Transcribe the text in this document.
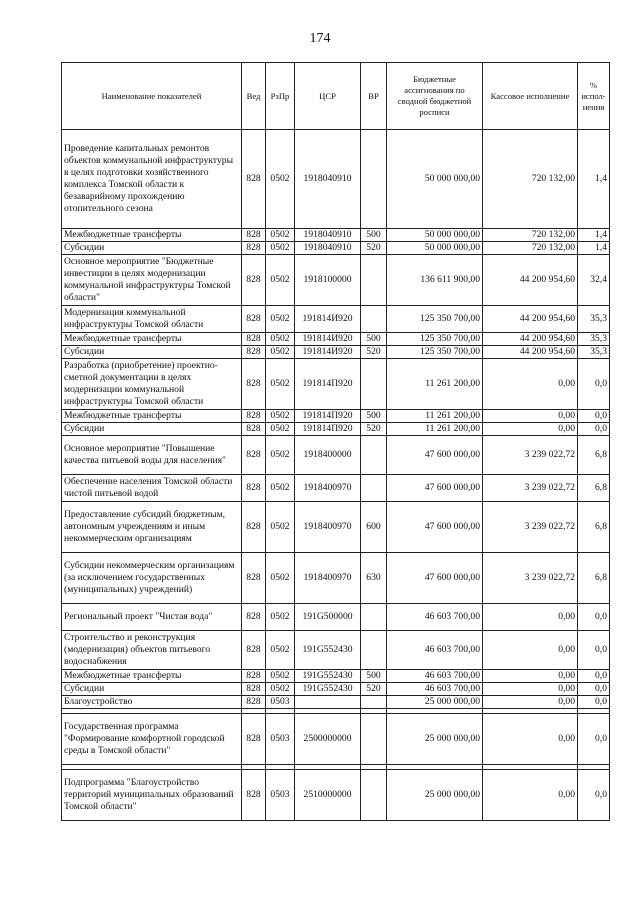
174
Наименование показателей	Вед	РзПр	ЦСР	ВР	Бюджетные ассигнования по сводной бюджетной росписи	Кассовое исполнение	% испол-нения
Проведение капитальных ремонтов объектов коммунальной инфраструктуры в целях подготовки хозяйственного комплекса Томской области к безаварийному прохождению отопительного сезона	828	0502	1918040910		50 000 000,00	720 132,00	1,4
Межбюджетные трансферты	828	0502	1918040910	500	50 000 000,00	720 132,00	1,4
Субсидии	828	0502	1918040910	520	50 000 000,00	720 132,00	1,4
Основное мероприятие "Бюджетные инвестиции в целях модернизации коммунальной инфраструктуры Томской области"	828	0502	1918100000		136 611 900,00	44 200 954,60	32,4
Модернизация коммунальной инфраструктуры Томской области	828	0502	191814И920		125 350 700,00	44 200 954,60	35,3
Межбюджетные трансферты	828	0502	191814И920	500	125 350 700,00	44 200 954,60	35,3
Субсидии	828	0502	191814И920	520	125 350 700,00	44 200 954,60	35,3
Разработка (приобретение) проектно-сметной документации в целях модернизации коммунальной инфраструктуры Томской области	828	0502	191814П920		11 261 200,00	0,00	0,0
Межбюджетные трансферты	828	0502	191814П920	500	11 261 200,00	0,00	0,0
Субсидии	828	0502	191814П920	520	11 261 200,00	0,00	0,0
Основное мероприятие "Повышение качества питьевой воды для населения"	828	0502	1918400000		47 600 000,00	3 239 022,72	6,8
Обеспечение населения Томской области чистой питьевой водой	828	0502	1918400970		47 600 000,00	3 239 022,72	6,8
Предоставление субсидий бюджетным, автономным учреждениям и иным некоммерческим организациям	828	0502	1918400970	600	47 600 000,00	3 239 022,72	6,8
Субсидии некоммерческим организациям (за исключением государственных (муниципальных) учреждений)	828	0502	1918400970	630	47 600 000,00	3 239 022,72	6,8
Региональный проект "Чистая вода"	828	0502	191G500000		46 603 700,00	0,00	0,0
Строительство и реконструкция (модернизация) объектов питьевого водоснабжения	828	0502	191G552430		46 603 700,00	0,00	0,0
Межбюджетные трансферты	828	0502	191G552430	500	46 603 700,00	0,00	0,0
Субсидии	828	0502	191G552430	520	46 603 700,00	0,00	0,0
Благоустройство	828	0503			25 000 000,00	0,00	0,0

Государственная программа "Формирование комфортной городской среды в Томской области"	828	0503	2500000000		25 000 000,00	0,00	0,0

Подпрограмма "Благоустройство территорий муниципальных образований Томской области"	828	0503	2510000000		25 000 000,00	0,00	0,0
